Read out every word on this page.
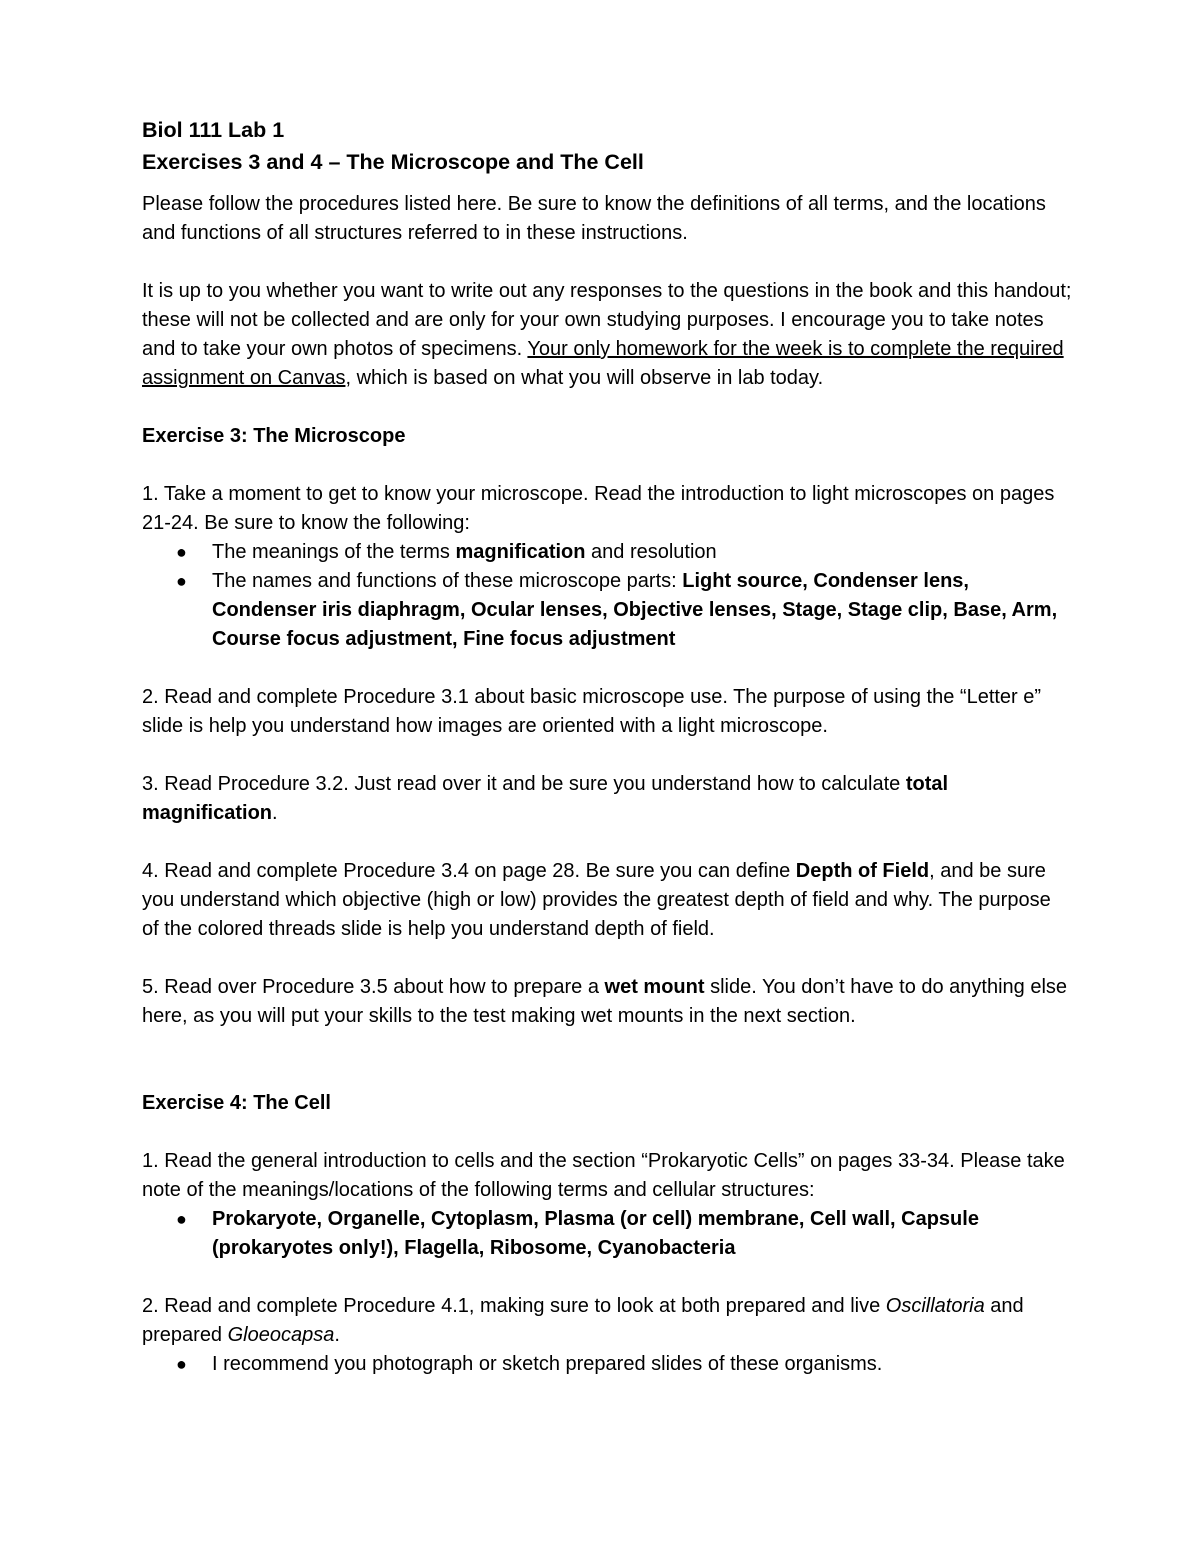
Biol 111 Lab 1

Exercises 3 and 4 – The Microscope and The Cell

Please follow the procedures listed here. Be sure to know the definitions of all terms, and the locations and functions of all structures referred to in these instructions.

It is up to you whether you want to write out any responses to the questions in the book and this handout; these will not be collected and are only for your own studying purposes. I encourage you to take notes and to take your own photos of specimens. Your only homework for the week is to complete the required assignment on Canvas, which is based on what you will observe in lab today.

Exercise 3: The Microscope

1. Take a moment to get to know your microscope. Read the introduction to light microscopes on pages 21-24. Be sure to know the following:

● The meanings of the terms magnification and resolution
● The names and functions of these microscope parts: Light source, Condenser lens, Condenser iris diaphragm, Ocular lenses, Objective lenses, Stage, Stage clip, Base, Arm, Course focus adjustment, Fine focus adjustment

2. Read and complete Procedure 3.1 about basic microscope use. The purpose of using the “Letter e” slide is help you understand how images are oriented with a light microscope.

3. Read Procedure 3.2. Just read over it and be sure you understand how to calculate total magnification.

4. Read and complete Procedure 3.4 on page 28. Be sure you can define Depth of Field, and be sure you understand which objective (high or low) provides the greatest depth of field and why. The purpose of the colored threads slide is help you understand depth of field.

5. Read over Procedure 3.5 about how to prepare a wet mount slide. You don’t have to do anything else here, as you will put your skills to the test making wet mounts in the next section.

Exercise 4: The Cell

1. Read the general introduction to cells and the section “Prokaryotic Cells” on pages 33-34. Please take note of the meanings/locations of the following terms and cellular structures:

● Prokaryote, Organelle, Cytoplasm, Plasma (or cell) membrane, Cell wall, Capsule (prokaryotes only!), Flagella, Ribosome, Cyanobacteria

2. Read and complete Procedure 4.1, making sure to look at both prepared and live Oscillatoria and prepared Gloeocapsa.

● I recommend you photograph or sketch prepared slides of these organisms.
